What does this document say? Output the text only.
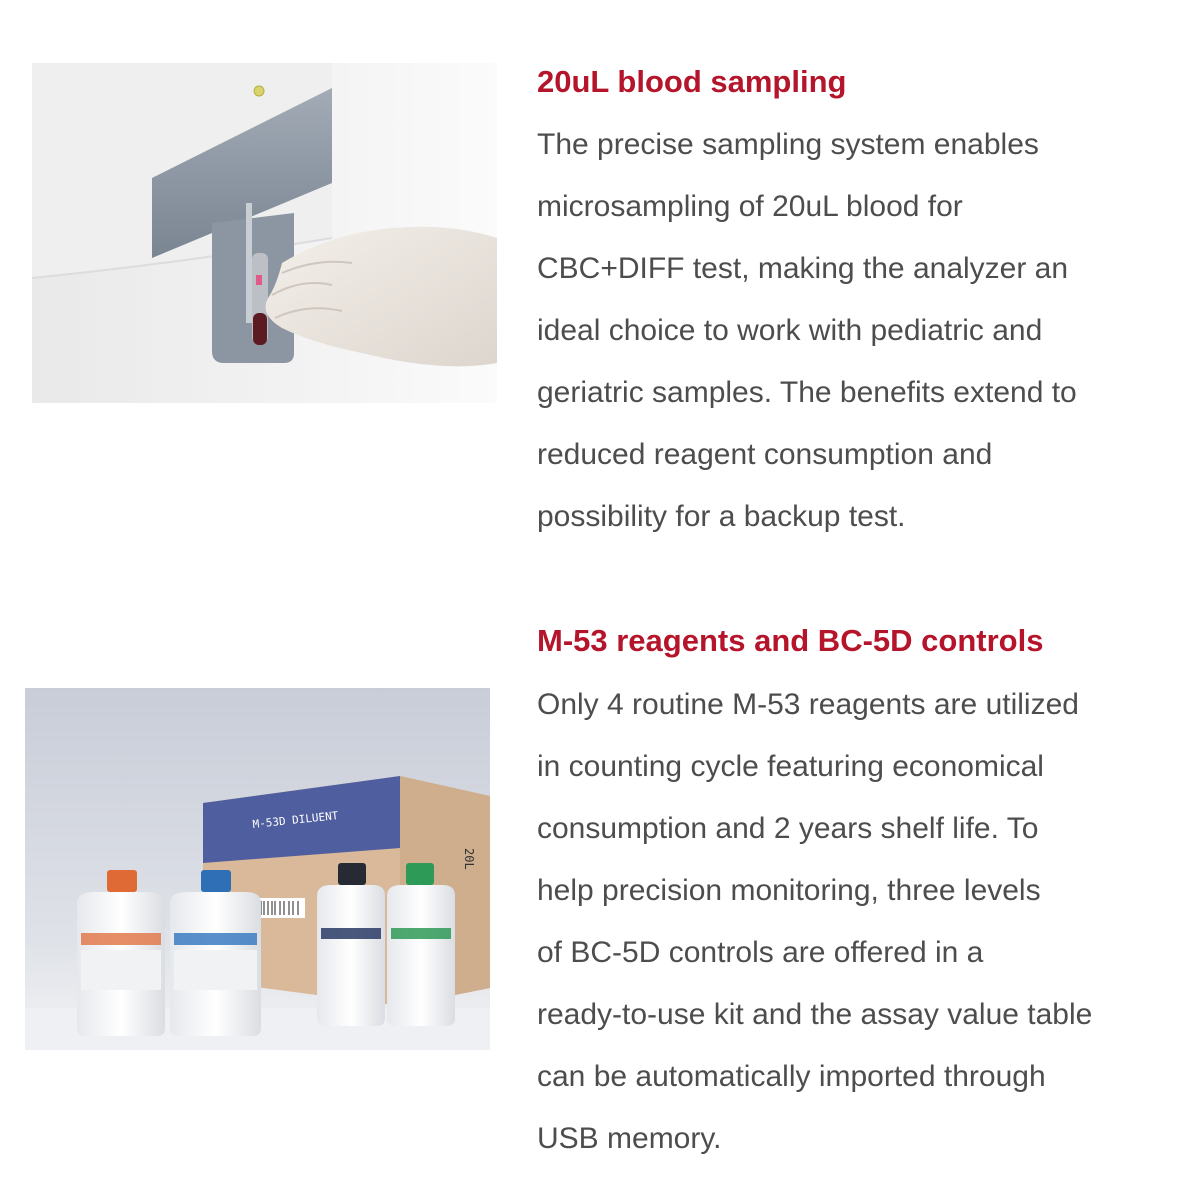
20uL blood sampling
The precise sampling system enables
microsampling of 20uL blood for
CBC+DIFF test, making the analyzer an
ideal choice to work with pediatric and
geriatric samples. The benefits extend to
reduced reagent consumption and
possibility for a backup test.
M-53D DILUENT
20L
M-53 reagents and BC-5D controls
Only 4 routine M-53 reagents are utilized
in counting cycle featuring economical
consumption and 2 years shelf life. To
help precision monitoring, three levels
of BC-5D controls are offered in a
ready-to-use kit and the assay value table
can be automatically imported through
USB memory.
